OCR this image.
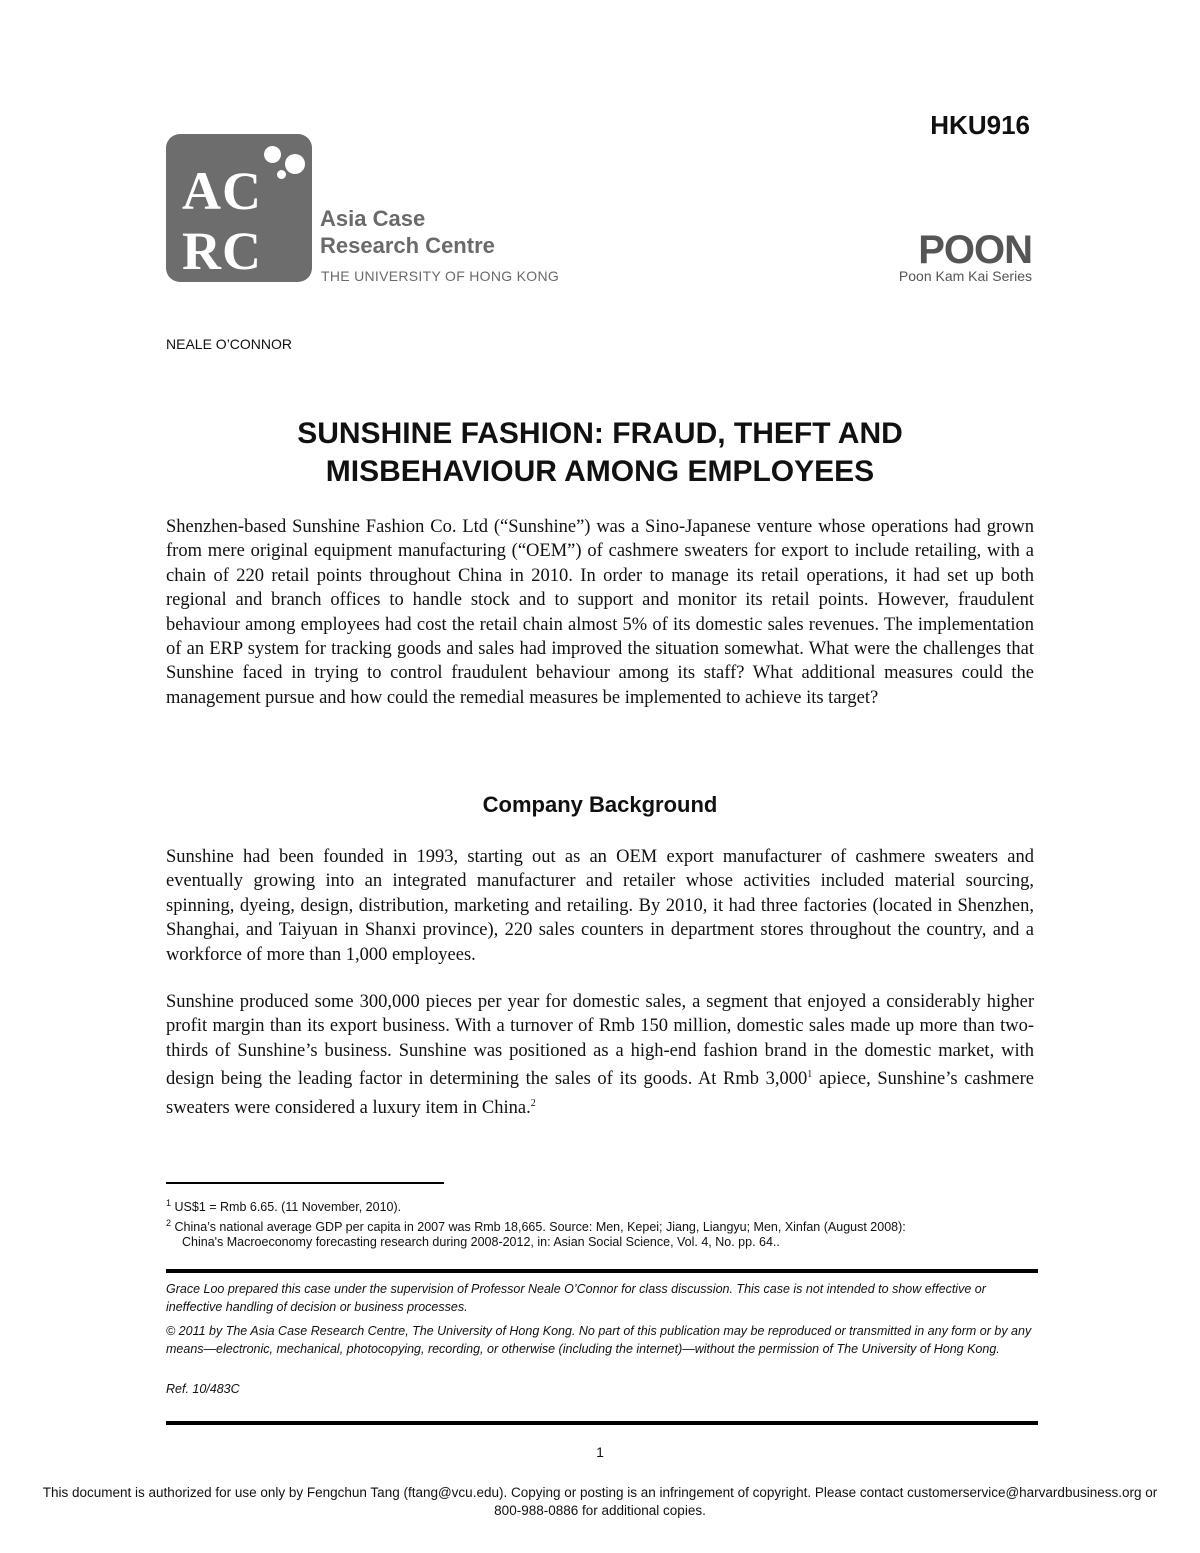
HKU916
AC
RC
Asia Case
Research Centre
THE UNIVERSITY OF HONG KONG
POON
Poon Kam Kai Series
NEALE O’CONNOR
SUNSHINE FASHION: FRAUD, THEFT AND
MISBEHAVIOUR AMONG EMPLOYEES

Shenzhen-based Sunshine Fashion Co. Ltd (“Sunshine”) was a Sino-Japanese venture whose operations had grown from mere original equipment manufacturing (“OEM”) of cashmere sweaters for export to include retailing, with a chain of 220 retail points throughout China in 2010. In order to manage its retail operations, it had set up both regional and branch offices to handle stock and to support and monitor its retail points. However, fraudulent behaviour among employees had cost the retail chain almost 5% of its domestic sales revenues. The implementation of an ERP system for tracking goods and sales had improved the situation somewhat. What were the challenges that Sunshine faced in trying to control fraudulent behaviour among its staff? What additional measures could the management pursue and how could the remedial measures be implemented to achieve its target?

Company Background

Sunshine had been founded in 1993, starting out as an OEM export manufacturer of cashmere sweaters and eventually growing into an integrated manufacturer and retailer whose activities included material sourcing, spinning, dyeing, design, distribution, marketing and retailing. By 2010, it had three factories (located in Shenzhen, Shanghai, and Taiyuan in Shanxi province), 220 sales counters in department stores throughout the country, and a workforce of more than 1,000 employees.

Sunshine produced some 300,000 pieces per year for domestic sales, a segment that enjoyed a considerably higher profit margin than its export business. With a turnover of Rmb 150 million, domestic sales made up more than two-thirds of Sunshine’s business. Sunshine was positioned as a high-end fashion brand in the domestic market, with design being the leading factor in determining the sales of its goods. At Rmb 3,000$^1$ apiece, Sunshine’s cashmere sweaters were considered a luxury item in China.$^2$

$^1$ US$1 = Rmb 6.65. (11 November, 2010).
$^2$ China’s national average GDP per capita in 2007 was Rmb 18,665. Source: Men, Kepei; Jiang, Liangyu; Men, Xinfan (August 2008):
China's Macroeconomy forecasting research during 2008-2012, in: Asian Social Science, Vol. 4, No. pp. 64..

Grace Loo prepared this case under the supervision of Professor Neale O’Connor for class discussion. This case is not intended to show effective or ineffective handling of decision or business processes.

© 2011 by The Asia Case Research Centre, The University of Hong Kong. No part of this publication may be reproduced or transmitted in any form or by any means—electronic, mechanical, photocopying, recording, or otherwise (including the internet)—without the permission of The University of Hong Kong.

Ref. 10/483C

1
This document is authorized for use only by Fengchun Tang (ftang@vcu.edu). Copying or posting is an infringement of copyright. Please contact customerservice@harvardbusiness.org or
800-988-0886 for additional copies.
